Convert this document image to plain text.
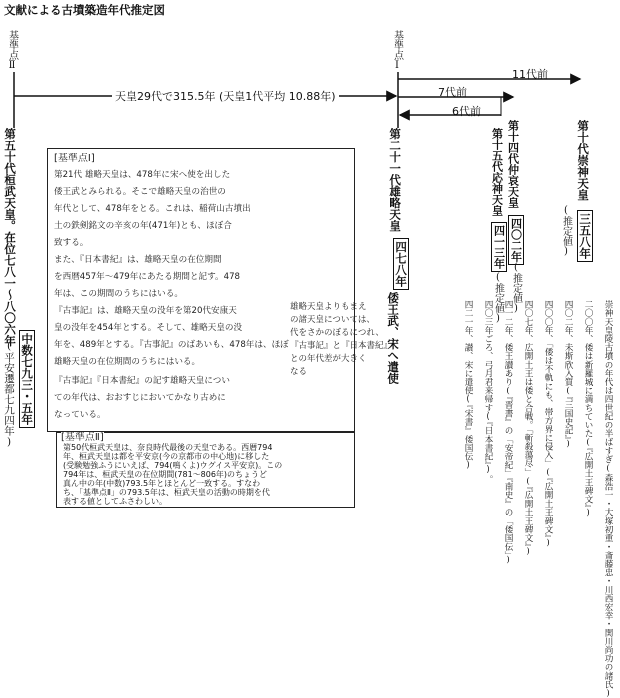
文献による古墳築造年代推定図
基準点Ⅱ	基準点Ⅰ
天皇29代で315.5年 (天皇1代平均 10.88年)
11代前
7代前
6代前
第五十代桓武天皇。在位七八一～八〇六年
中数七九三・五年
(平安遷都七九四年)
第二十一代雄略天皇
四七八年
倭王武、宋へ遣使
第十四代仲哀天皇
第十五代応神天皇
四〇二年
四一三年
(推定値)
(推定値)
第十代崇神天皇
三五八年
(推定値)
[基準点Ⅰ]
第21代 雄略天皇は、478年に宋へ使を出した
倭王武とみられる。そこで雄略天皇の治世の
年代として、478年をとる。これは、稲荷山古墳出
土の鉄剣銘文の辛亥の年(471年)とも、ほぼ合
致する。
また、『日本書紀』は、雄略天皇の在位期間
を西暦457年〜479年にあたる期間と記す。478
年は、この期間のうちにはいる。
『古事記』は、雄略天皇の没年を第20代安康天
皇の没年を454年とする。そして、雄略天皇の没
年を、489年とする。『古事記』のばあいも、478年は、ほぼ
雄略天皇の在位期間のうちにはいる。
『古事記』『日本書紀』の記す雄略天皇につい
ての年代は、おおすじにおいてかなり古めに
なっている。
[基準点Ⅱ]
第50代桓武天皇は、奈良時代最後の天皇である。西暦794
年、桓武天皇は都を平安京(今の京都市の中心地)に移した
(受験勉強ふうにいえば、794(鳴くよ)ウグイス平安京)。この
794年は、桓武天皇の在位期間(781〜806年)のちょうど
真ん中の年(中数)793.5年とほとんど一致する。すなわ
ち、「基準点Ⅱ」の793.5年は、桓武天皇の活動の時期を代
表する値としてふさわしい。
雄略天皇よりもまえ
の諸天皇については、
代をさかのぼるにつれ、
『古事記』と『日本書紀』
との年代差が大きく
なる	崇神天皇陵古墳の年代は四世紀の半ばすぎ(森浩一・大塚初重・斎藤忠・川西宏幸・関川尚功の諸氏)
二〇〇年、倭は新羅城に満ちていた(『広開土王碑文』)
四〇二年、未斯欣入質(『三国史記』)
四〇〇年、「倭は不軌にも、帯方界に侵入」(『広開土王碑文』)
四〇七年、広開土王は倭と合戦。「斬殺蕩尽」(『広開土王碑文』)
四一二年、倭王讃あり(『晋書』の「安帝紀」『南史』の「倭国伝」)
四〇三年ごろ、弓月君来帰す(『日本書紀』)。
四二一年、讃、宋に遣使(『宋書』倭国伝)
